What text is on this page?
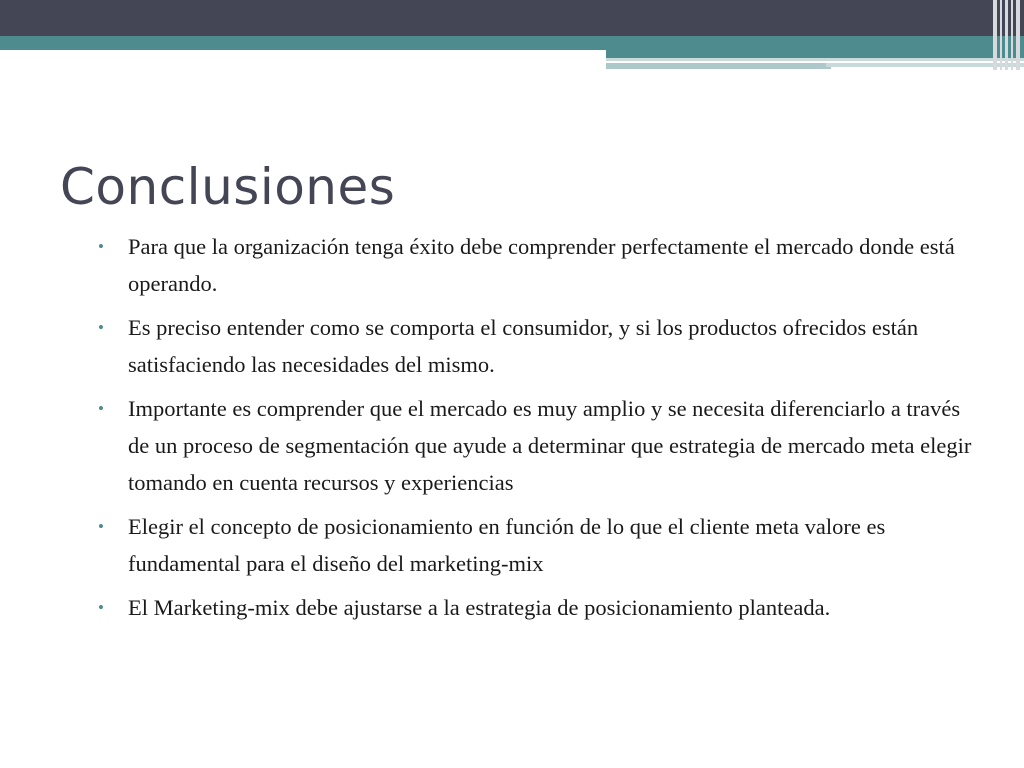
Conclusiones
• Para que la organización tenga éxito debe comprender perfectamente el mercado donde está operando.
• Es preciso entender como se comporta el consumidor, y si los productos ofrecidos están satisfaciendo las necesidades del mismo.
• Importante es comprender que el mercado es muy amplio y se necesita diferenciarlo a través de un proceso de segmentación que ayude a determinar que estrategia de mercado meta elegir tomando en cuenta recursos y experiencias
• Elegir el concepto de posicionamiento en función de lo que el cliente meta valore es fundamental para el diseño del marketing-mix
• El Marketing-mix debe ajustarse a la estrategia de posicionamiento planteada.
